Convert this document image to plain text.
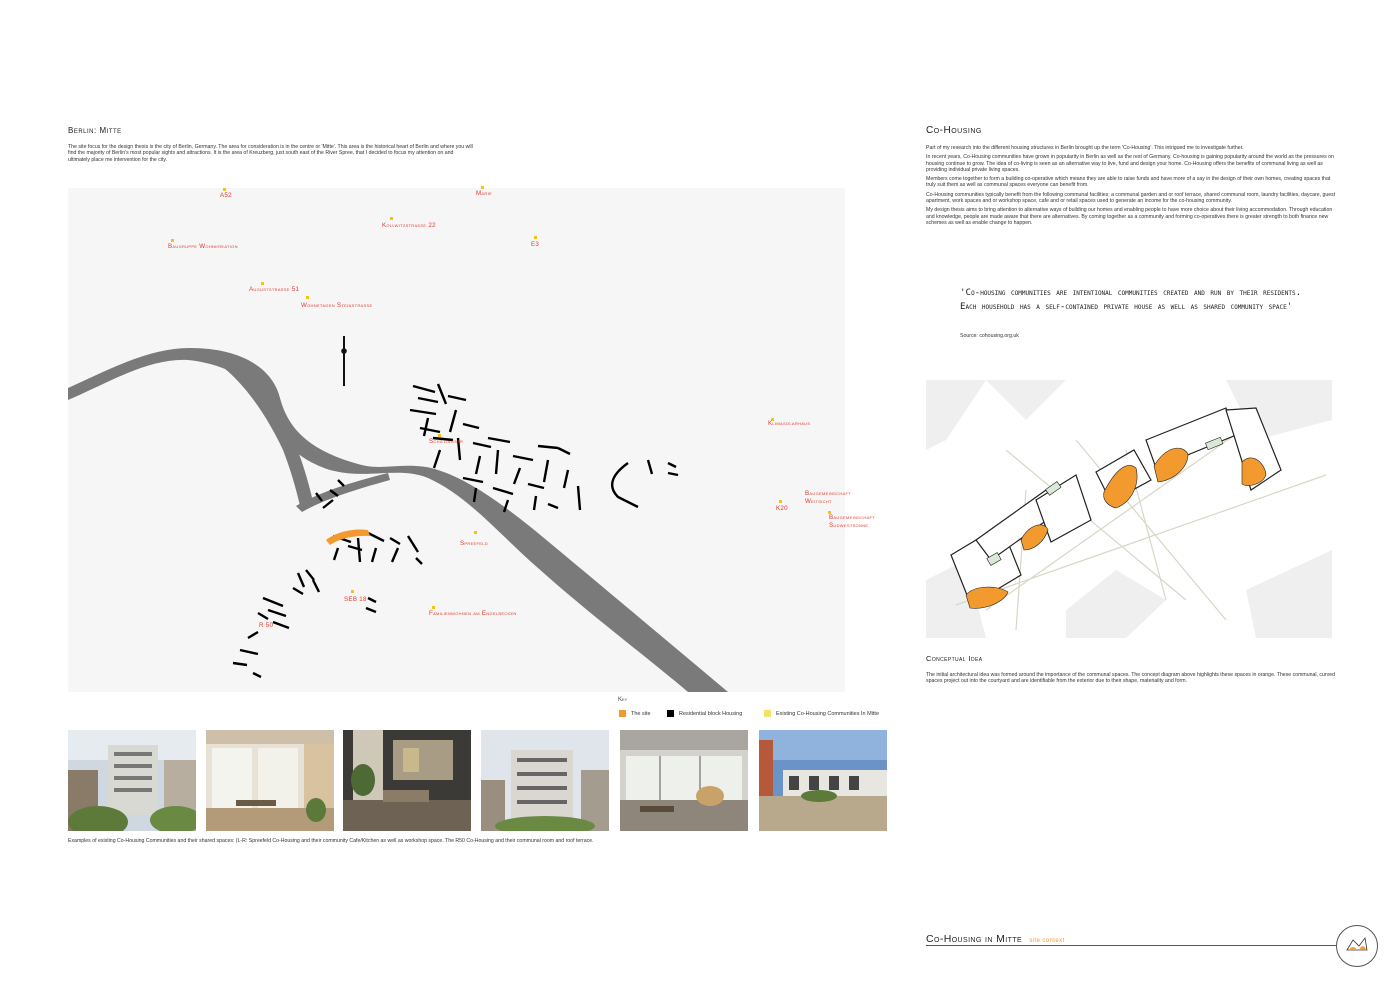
Berlin: Mitte
The site focus for the design thesis is the city of Berlin, Germany. The area for consideration is in the centre or 'Mitte'. This area is the historical heart of Berlin and where you will find the majority of Berlin's most popular sights and attractions. It is the area of Kreuzberg, just south east of the River Spree, that I decided to focus my attention on and ultimately place me intervention for the city.
A52	Marie
Kollwitzstrasse 22
E3
Baugruppe Wohnkreation
Auguststrasse 51
Wohnetagen Steinstrasse
Klimasolarhaus
Schillingstr
Baugemeinschaft Weitsicht
K20
Baugemeinschaft Sudwestsonne
Spreefeld
SEB 18
R 50
Familienwohnen am Engelbecken
Key
The site	Residential block Housing	Existing Co-Housing Communities In Mitte
Examples of existing Co-Housing Communities and their shared spaces: (L-R: Spreefeld Co-Housing and their community Cafe/Kitchen as well as workshop space. The R50 Co-Housing and their communal room and roof terrace.
Co-Housing

Part of my research into the different housing structures in Berlin brought up the term 'Co-Housing'. This intrigued me to investigate further.

In recent years, Co-Housing communities have grown in popularity in Berlin as well as the rest of Germany. Co-housing is gaining popularity around the world as the pressures on housing continue to grow. The idea of co-living is seen as an alternative way to live, fund and design your home. Co-Housing offers the benefits of communal living as well as providing individual private living spaces.

Members come together to form a building co-operative which means they are able to raise funds and have more of a say in the design of their own homes, creating spaces that truly suit them as well as communal spaces everyone can benefit from.

Co-Housing communities typically benefit from the following communal facilities; a communal garden and or roof terrace, shared communal room, laundry facilities, daycare, guest apartment, work spaces and or workshop space, cafe and or retail spaces used to generate an income for the co-housing community.

My design thesis aims to bring attention to alternative ways of building our homes and enabling people to have more choice about their living accommodation. Through education and knowledge, people are made aware that there are alternatives. By coming together as a community and forming co-operatives there is greater strength to both finance new schemes as well as enable change to happen.

'Co-housing communities are intentional communities created and run by their residents. Each household has a self-contained private house as well as shared community space'
Source: cohousing.org.uk
Conceptual Idea
The initial architectural idea was formed around the importance of the communal spaces. The concept diagram above highlights these spaces in orange. These communal, curved spaces project out into the courtyard and are identifiable from the exterior due to their shape, materiality and form.
Co-Housing in Mitte site context
